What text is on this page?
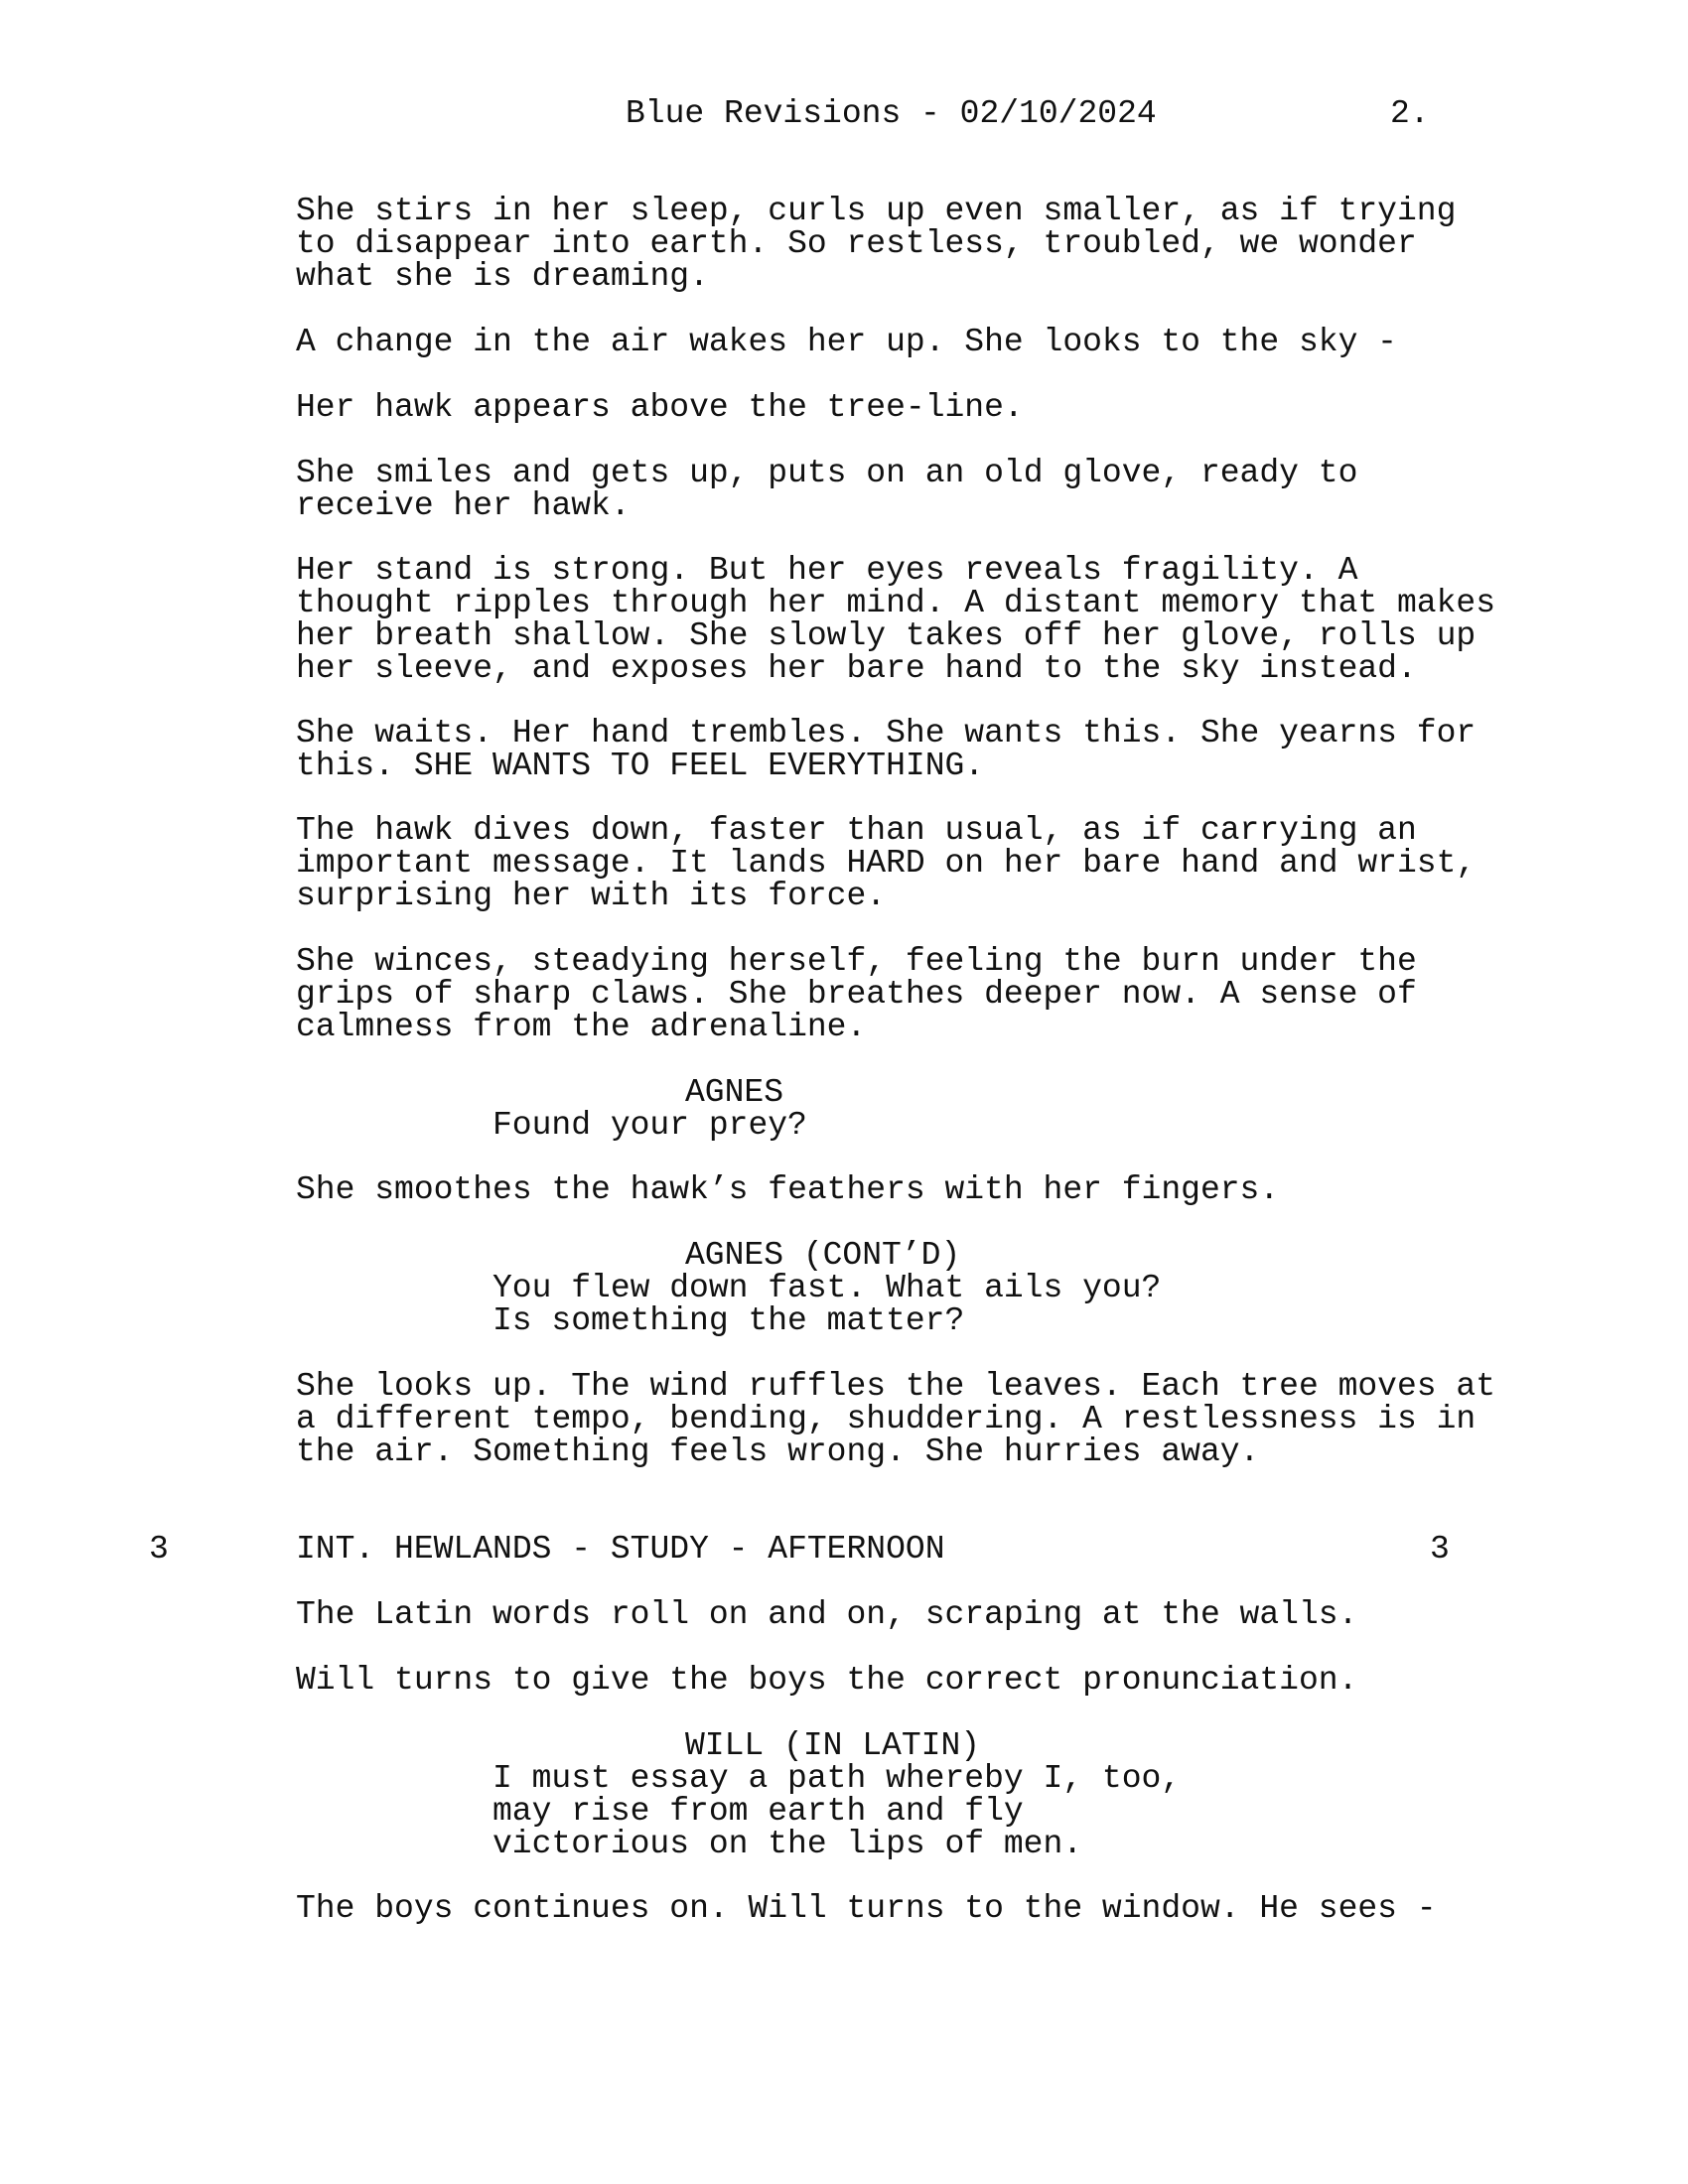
Blue Revisions - 02/10/2024	2.
She stirs in her sleep, curls up even smaller, as if trying
to disappear into earth. So restless, troubled, we wonder
what she is dreaming.
A change in the air wakes her up. She looks to the sky -
Her hawk appears above the tree-line.
She smiles and gets up, puts on an old glove, ready to
receive her hawk.
Her stand is strong. But her eyes reveals fragility. A
thought ripples through her mind. A distant memory that makes
her breath shallow. She slowly takes off her glove, rolls up
her sleeve, and exposes her bare hand to the sky instead.
She waits. Her hand trembles. She wants this. She yearns for
this. SHE WANTS TO FEEL EVERYTHING.
The hawk dives down, faster than usual, as if carrying an
important message. It lands HARD on her bare hand and wrist,
surprising her with its force.
She winces, steadying herself, feeling the burn under the
grips of sharp claws. She breathes deeper now. A sense of
calmness from the adrenaline.
AGNES
Found your prey?
She smoothes the hawk’s feathers with her fingers.
AGNES (CONT’D)
You flew down fast. What ails you?
Is something the matter?
She looks up. The wind ruffles the leaves. Each tree moves at
a different tempo, bending, shuddering. A restlessness is in
the air. Something feels wrong. She hurries away.
3	INT. HEWLANDS - STUDY - AFTERNOON	3
The Latin words roll on and on, scraping at the walls.
Will turns to give the boys the correct pronunciation.
WILL (IN LATIN)
I must essay a path whereby I, too,
may rise from earth and fly
victorious on the lips of men.
The boys continues on. Will turns to the window. He sees -
